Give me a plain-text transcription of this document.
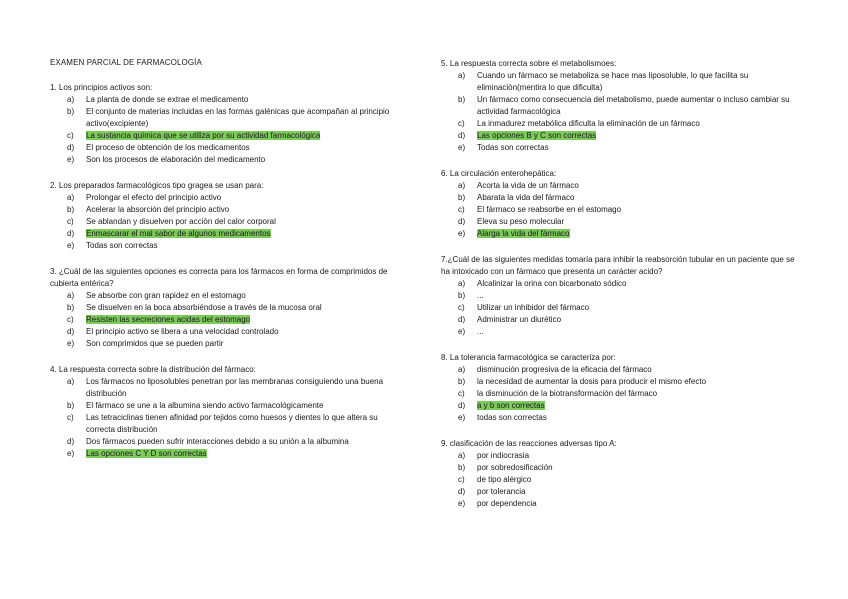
EXAMEN PARCIAL DE FARMACOLOGÍA
1. Los principios activos son:
a)	La planta de donde se extrae el medicamento
b)	El conjunto de materias incluidas en las formas galénicas que acompañan al principio activo(excipiente)
c)	La sustancia química que se utiliza por su actividad farmacológica
d)	El proceso de obtención de los medicamentos
e)	Son los procesos de elaboración del medicamento
2. Los preparados farmacológicos tipo gragea se usan para:
a)	Prolongar el efecto del principio activo
b)	Acelerar la absorción del principio activo
c)	Se ablandan y disuelven por acción del calor corporal
d)	Enmascarar el mal sabor de algunos medicamentos
e)	Todas son correctas
3. ¿Cuál de las siguientes opciones es correcta para los fármacos en forma de comprimidos de cubierta entérica?
a)	Se absorbe con gran rapidez en el estomago
b)	Se disuelven en la boca absorbiéndose a través de la mucosa oral
c)	Resisten las secreciones acidas del estomago
d)	El principio activo se libera a una velocidad controlado
e)	Son comprimidos que se pueden partir
4. La respuesta correcta sobre la distribución del fármaco:
a)	Los fármacos no liposolubles penetran por las membranas consiguiendo una buena distribución
b)	El fármaco se une a la albumina siendo activo farmacológicamente
c)	Las tetraciclinas tienen afinidad por tejidos como huesos y dientes lo que altera su correcta distribución
d)	Dos fármacos pueden sufrir interacciones debido a su unión a la albumina
e)	Las opciones C Y D son correctas
5. La respuesta correcta sobre el metabolismoes:
a)	Cuando un fármaco se metaboliza se hace mas liposoluble, lo que facilita su eliminación(mentira lo que dificulta)
b)	Un fármaco como consecuencia del metabolismo, puede aumentar o incluso cambiar su actividad farmacológica
c)	La inmadurez metabólica dificulta la eliminación de un fármaco
d)	Las opciones B y C son correctas
e)	Todas son correctas
6. La circulación enterohepática:
a)	Acorta la vida de un fármaco
b)	Abarata la vida del fármaco
c)	El fármaco se reabsorbe en el estomago
d)	Eleva su peso molecular
e)	Alarga la vida del fármaco
7.¿Cuál de las siguientes medidas tomaría para inhibir la reabsorción tubular en un paciente que se ha intoxicado con un fármaco que presenta un carácter acido?
a)	Alcalinizar la orina con bicarbonato sódico
b)	...
c)	Utilizar un inhibidor del fármaco
d)	Administrar un diurético
e)	...
8. La tolerancia farmacológica se caracteriza por:
a)	disminución progresiva de la eficacia del fármaco
b)	la necesidad de aumentar la dosis para producir el mismo efecto
c)	la disminución de la biotransformación del fármaco
d)	a y b son correctas
e)	todas son correctas
9. clasificación de las reacciones adversas tipo A:
a)	por indiocrasia
b)	por sobredosificación
c)	de tipo alérgico
d)	por tolerancia
e)	por dependencia
